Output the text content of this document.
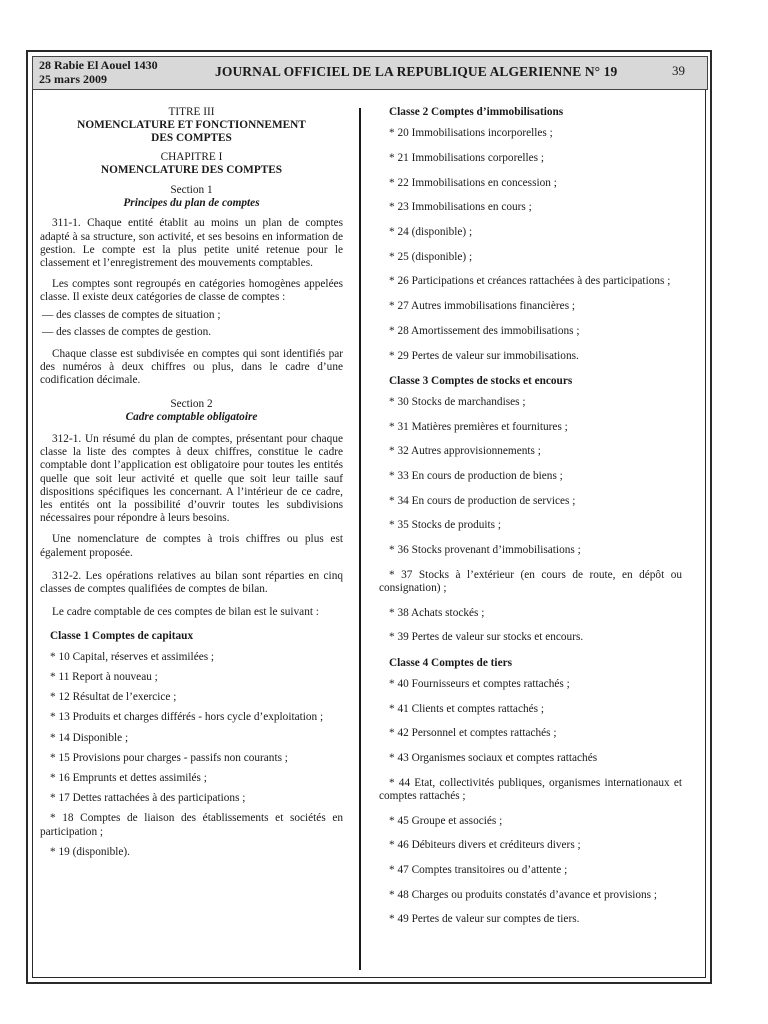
28 Rabie El Aouel 1430
25 mars 2009	JOURNAL OFFICIEL DE LA REPUBLIQUE ALGERIENNE N° 19	39

TITRE III

NOMENCLATURE ET FONCTIONNEMENT

DES COMPTES

CHAPITRE I

NOMENCLATURE DES COMPTES

Section 1

Principes du plan de comptes

311-1. Chaque entité établit au moins un plan de comptes adapté à sa structure, son activité, et ses besoins en information de gestion. Le compte est la plus petite unité retenue pour le classement et l’enregistrement des mouvements comptables.

Les comptes sont regroupés en catégories homogènes appelées classe. Il existe deux catégories de classe de comptes :

— des classes de comptes de situation ;

— des classes de comptes de gestion.

Chaque classe est subdivisée en comptes qui sont identifiés par des numéros à deux chiffres ou plus, dans le cadre d’une codification décimale.

Section 2

Cadre comptable obligatoire

312-1. Un résumé du plan de comptes, présentant pour chaque classe la liste des comptes à deux chiffres, constitue le cadre comptable dont l’application est obligatoire pour toutes les entités quelle que soit leur activité et quelle que soit leur taille sauf dispositions spécifiques les concernant. A l’intérieur de ce cadre, les entités ont la possibilité d’ouvrir toutes les subdivisions nécessaires pour répondre à leurs besoins.

Une nomenclature de comptes à trois chiffres ou plus est également proposée.

312-2. Les opérations relatives au bilan sont réparties en cinq classes de comptes qualifiées de comptes de bilan.

Le cadre comptable de ces comptes de bilan est le suivant :

Classe 1 Comptes de capitaux

* 10 Capital, réserves et assimilées ;

* 11 Report à nouveau ;

* 12 Résultat de l’exercice ;

* 13 Produits et charges différés - hors cycle d’exploitation ;

* 14 Disponible ;

* 15 Provisions pour charges - passifs non courants ;

* 16 Emprunts et dettes assimilés ;

* 17 Dettes rattachées à des participations ;

* 18 Comptes de liaison des établissements et sociétés en participation ;

* 19 (disponible).

Classe 2 Comptes d’immobilisations

* 20 Immobilisations incorporelles ;

* 21 Immobilisations corporelles ;

* 22 Immobilisations en concession ;

* 23 Immobilisations en cours ;

* 24 (disponible) ;

* 25 (disponible) ;

* 26 Participations et créances rattachées à des participations ;

* 27 Autres immobilisations financières ;

* 28 Amortissement des immobilisations ;

* 29 Pertes de valeur sur immobilisations.

Classe 3 Comptes de stocks et encours

* 30 Stocks de marchandises ;

* 31 Matières premières et fournitures ;

* 32 Autres approvisionnements ;

* 33 En cours de production de biens ;

* 34 En cours de production de services ;

* 35 Stocks de produits ;

* 36 Stocks provenant d’immobilisations ;

* 37 Stocks à l’extérieur (en cours de route, en dépôt ou consignation) ;

* 38 Achats stockés ;

* 39 Pertes de valeur sur stocks et encours.

Classe 4 Comptes de tiers

* 40 Fournisseurs et comptes rattachés ;

* 41 Clients et comptes rattachés ;

* 42 Personnel et comptes rattachés ;

* 43 Organismes sociaux et comptes rattachés

* 44 Etat, collectivités publiques, organismes internationaux et comptes rattachés ;

* 45 Groupe et associés ;

* 46 Débiteurs divers et créditeurs divers ;

* 47 Comptes transitoires ou d’attente ;

* 48 Charges ou produits constatés d’avance et provisions ;

* 49 Pertes de valeur sur comptes de tiers.
